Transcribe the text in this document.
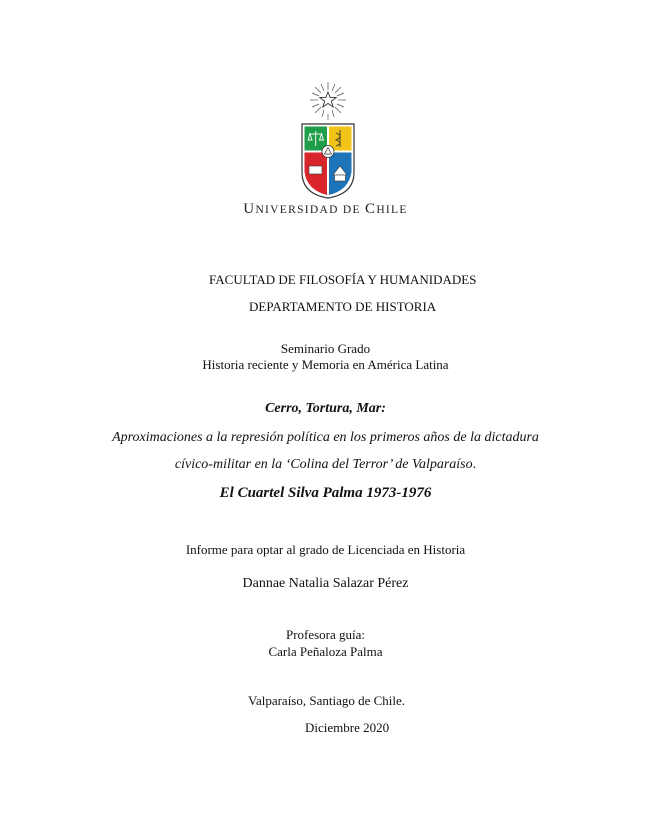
UNIVERSIDAD DE CHILE
FACULTAD DE FILOSOFÍA Y HUMANIDADES
DEPARTAMENTO DE HISTORIA
Seminario Grado
Historia reciente y Memoria en América Latina
Cerro, Tortura, Mar:
Aproximaciones a la represión política en los primeros años de la dictadura
cívico-militar en la ‘Colina del Terror’ de Valparaíso.
El Cuartel Silva Palma 1973-1976
Informe para optar al grado de Licenciada en Historia
Dannae Natalia Salazar Pérez
Profesora guía:
Carla Peñaloza Palma
Valparaíso, Santiago de Chile.
Diciembre 2020
